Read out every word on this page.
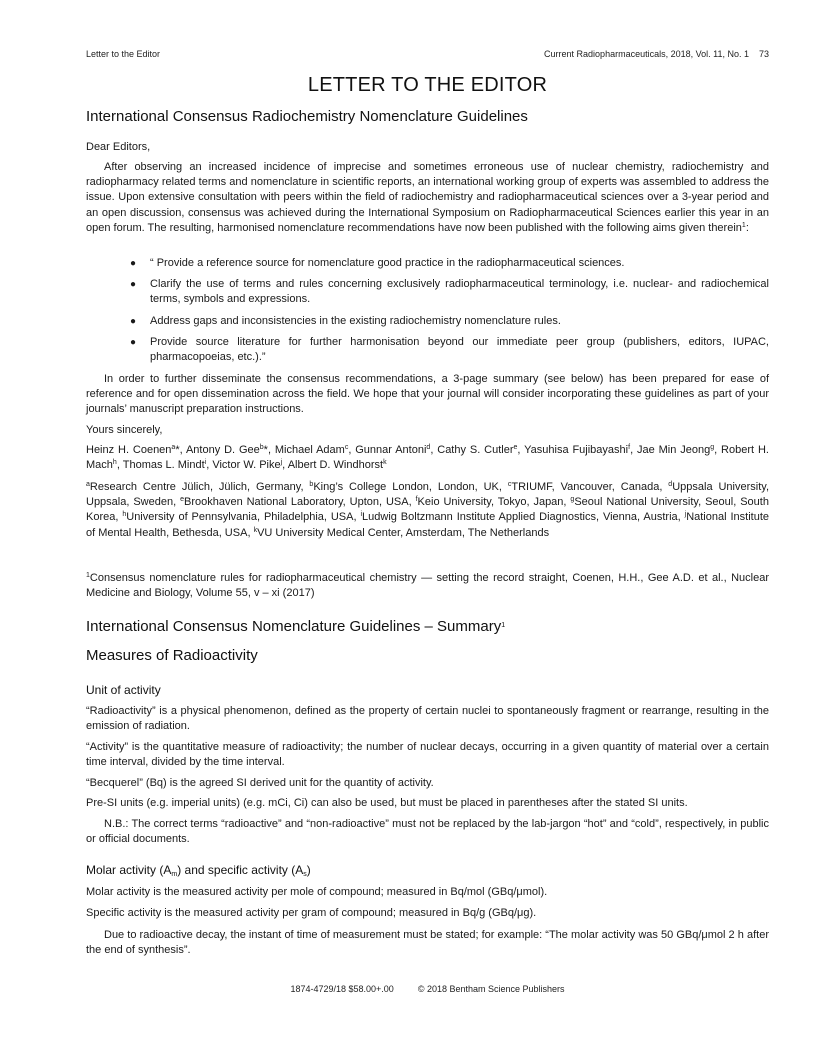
Letter to the Editor	Current Radiopharmaceuticals, 2018, Vol. 11, No. 1 73
LETTER TO THE EDITOR
International Consensus Radiochemistry Nomenclature Guidelines
Dear Editors,
After observing an increased incidence of imprecise and sometimes erroneous use of nuclear chemistry, radiochemistry and radiopharmacy related terms and nomenclature in scientific reports, an international working group of experts was assembled to address the issue. Upon extensive consultation with peers within the field of radiochemistry and radiopharmaceutical sciences over a 3-year period and an open discussion, consensus was achieved during the International Symposium on Radiopharmaceutical Sciences earlier this year in an open forum. The resulting, harmonised nomenclature recommendations have now been published with the following aims given therein$^1$:
● “ Provide a reference source for nomenclature good practice in the radiopharmaceutical sciences.
● Clarify the use of terms and rules concerning exclusively radiopharmaceutical terminology, i.e. nuclear- and radiochemical terms, symbols and expressions.
● Address gaps and inconsistencies in the existing radiochemistry nomenclature rules.
● Provide source literature for further harmonisation beyond our immediate peer group (publishers, editors, IUPAC, pharmacopoeias, etc.).”
In order to further disseminate the consensus recommendations, a 3-page summary (see below) has been prepared for ease of reference and for open dissemination across the field. We hope that your journal will consider incorporating these guidelines as part of your journals’ manuscript preparation instructions.
Yours sincerely,
Heinz H. Coenen$^a$*, Antony D. Gee$^b$*, Michael Adam$^c$, Gunnar Antoni$^d$, Cathy S. Cutler$^e$, Yasuhisa Fujibayashi$^f$, Jae Min Jeong$^g$, Robert H. Mach$^h$, Thomas L. Mindt$^i$, Victor W. Pike$^j$, Albert D. Windhorst$^k$
$^a$Research Centre Jülich, Jülich, Germany, $^b$King’s College London, London, UK, $^c$TRIUMF, Vancouver, Canada, $^d$Uppsala University, Uppsala, Sweden, $^e$Brookhaven National Laboratory, Upton, USA, $^f$Keio University, Tokyo, Japan, $^g$Seoul National University, Seoul, South Korea, $^h$University of Pennsylvania, Philadelphia, USA, $^i$Ludwig Boltzmann Institute Applied Diagnostics, Vienna, Austria, $^j$National Institute of Mental Health, Bethesda, USA, $^k$VU University Medical Center, Amsterdam, The Netherlands
$^1$Consensus nomenclature rules for radiopharmaceutical chemistry — setting the record straight, Coenen, H.H., Gee A.D. et al., Nuclear Medicine and Biology, Volume 55, v – xi (2017)
International Consensus Nomenclature Guidelines – Summary$^1$
Measures of Radioactivity
Unit of activity
“Radioactivity” is a physical phenomenon, defined as the property of certain nuclei to spontaneously fragment or rearrange, resulting in the emission of radiation.
“Activity” is the quantitative measure of radioactivity; the number of nuclear decays, occurring in a given quantity of material over a certain time interval, divided by the time interval.
“Becquerel” (Bq) is the agreed SI derived unit for the quantity of activity.
Pre-SI units (e.g. imperial units) (e.g. mCi, Ci) can also be used, but must be placed in parentheses after the stated SI units.
N.B.: The correct terms “radioactive” and “non-radioactive” must not be replaced by the lab-jargon “hot” and “cold”, respectively, in public or official documents.
Molar activity $(A_m)$ and specific activity $(A_s)$
Molar activity is the measured activity per mole of compound; measured in Bq/mol (GBq/μmol).
Specific activity is the measured activity per gram of compound; measured in Bq/g (GBq/μg).
Due to radioactive decay, the instant of time of measurement must be stated; for example: “The molar activity was 50 GBq/μmol 2 h after the end of synthesis”.
1874-4729/18 $58.00+.00	© 2018 Bentham Science Publishers
